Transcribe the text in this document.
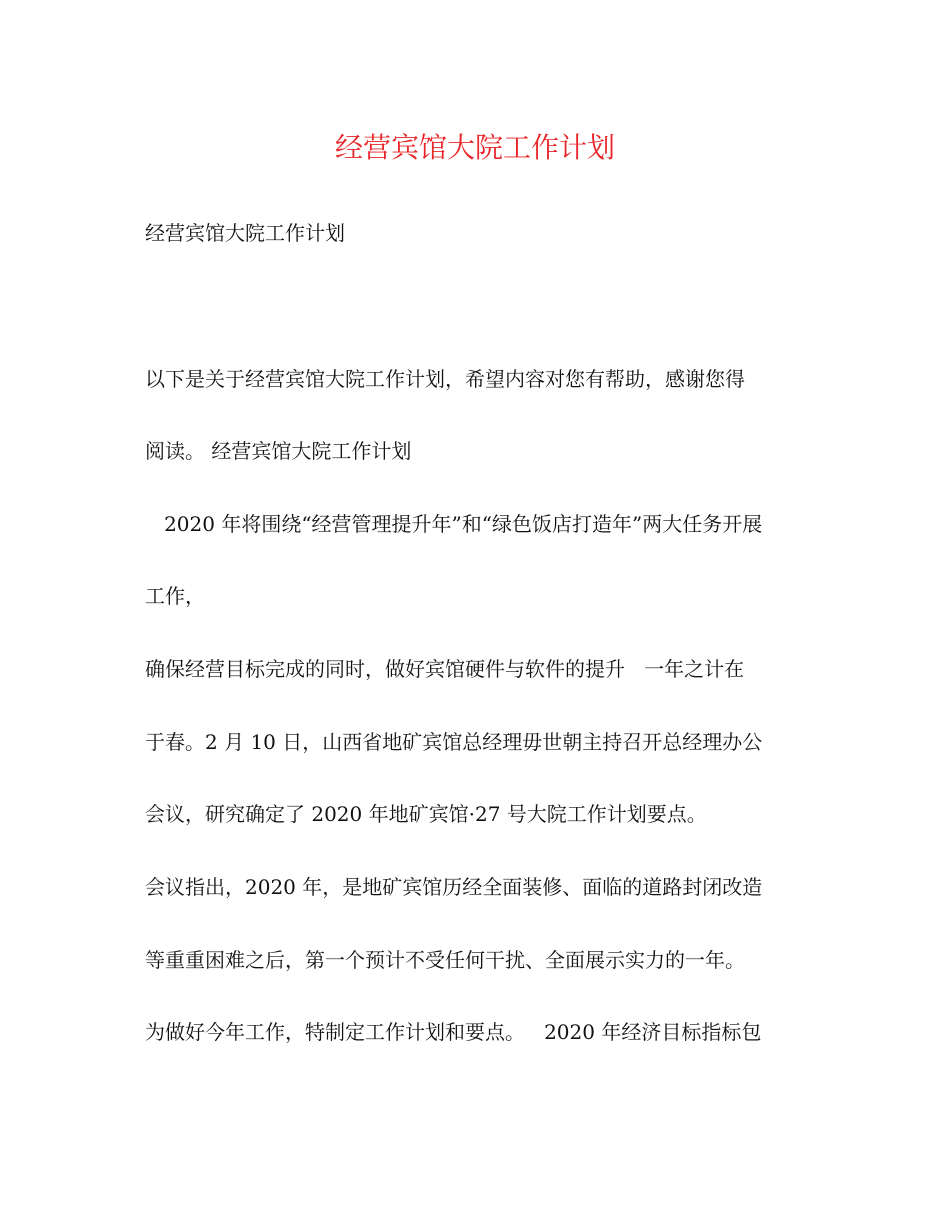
经营宾馆大院工作计划
经营宾馆大院工作计划
以下是关于经营宾馆大院工作计划，希望内容对您有帮助，感谢您得
阅读。 经营宾馆大院工作计划
2020 年将围绕“经营管理提升年”和“绿色饭店打造年”两大任务开展
工作，
确保经营目标完成的同时，做好宾馆硬件与软件的提升   一年之计在
于春。2 月 10 日，山西省地矿宾馆总经理毋世朝主持召开总经理办公
会议，研究确定了 2020 年地矿宾馆·27 号大院工作计划要点。
会议指出，2020 年，是地矿宾馆历经全面装修、面临的道路封闭改造
等重重困难之后，第一个预计不受任何干扰、全面展示实力的一年。
为做好今年工作，特制定工作计划和要点。   2020 年经济目标指标包
